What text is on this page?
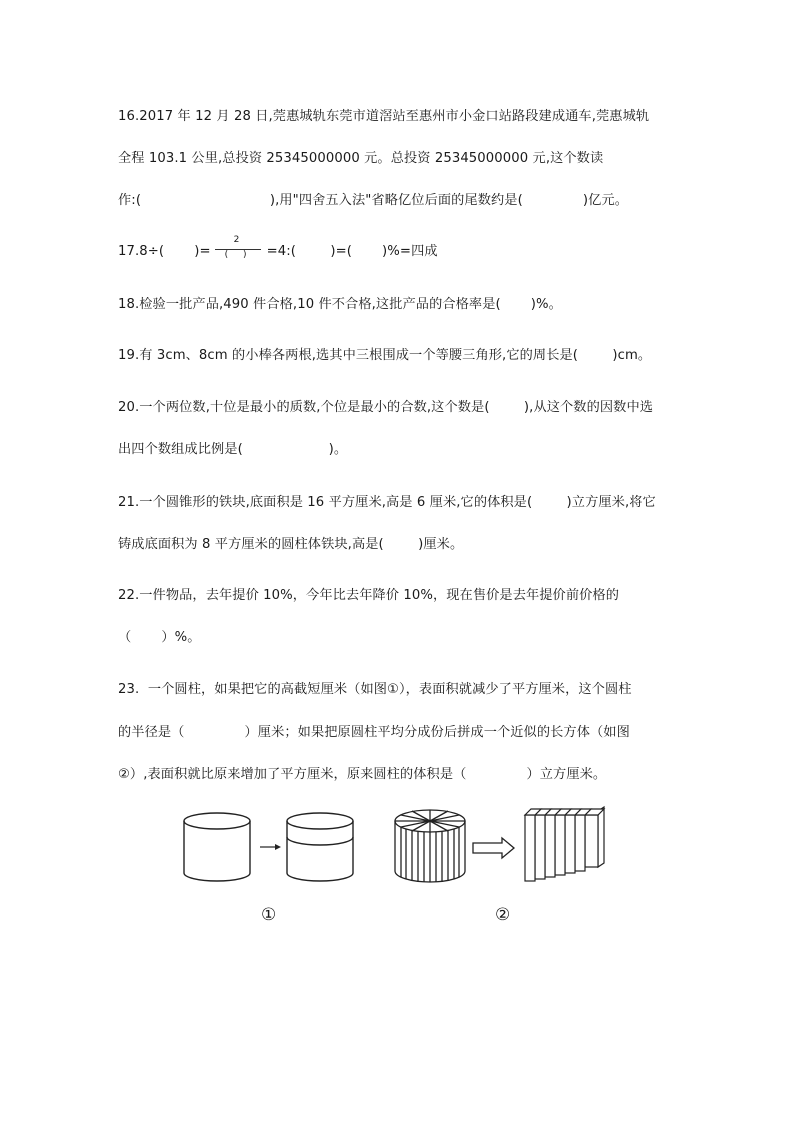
16.2017 年 12 月 28 日,莞惠城轨东莞市道滘站至惠州市小金口站路段建成通车,莞惠城轨
全程 103.1 公里,总投资 25345000000 元。总投资 25345000000 元,这个数读
作:(                              ),用"四舍五入法"省略亿位后面的尾数约是(              )亿元。
17.8÷(       )= $\frac{2}{( )}$ =4:(        )=(       )%=四成
18.检验一批产品,490 件合格,10 件不合格,这批产品的合格率是(       )%。
19.有 3cm、8cm 的小棒各两根,选其中三根围成一个等腰三角形,它的周长是(        )cm。
20.一个两位数,十位是最小的质数,个位是最小的合数,这个数是(        ),从这个数的因数中选
出四个数组成比例是(                    )。
21.一个圆锥形的铁块,底面积是 16 平方厘米,高是 6 厘米,它的体积是(        )立方厘米,将它
铸成底面积为 8 平方厘米的圆柱体铁块,高是(        )厘米。
22.一件物品，去年提价 10%，今年比去年降价 10%，现在售价是去年提价前价格的
（       ）%。
23.  一个圆柱，如果把它的高截短厘米（如图①），表面积就减少了平方厘米，这个圆柱
的半径是（              ）厘米；如果把原圆柱平均分成份后拼成一个近似的长方体（如图
②）,表面积就比原来增加了平方厘米，原来圆柱的体积是（              ）立方厘米。
①	②
